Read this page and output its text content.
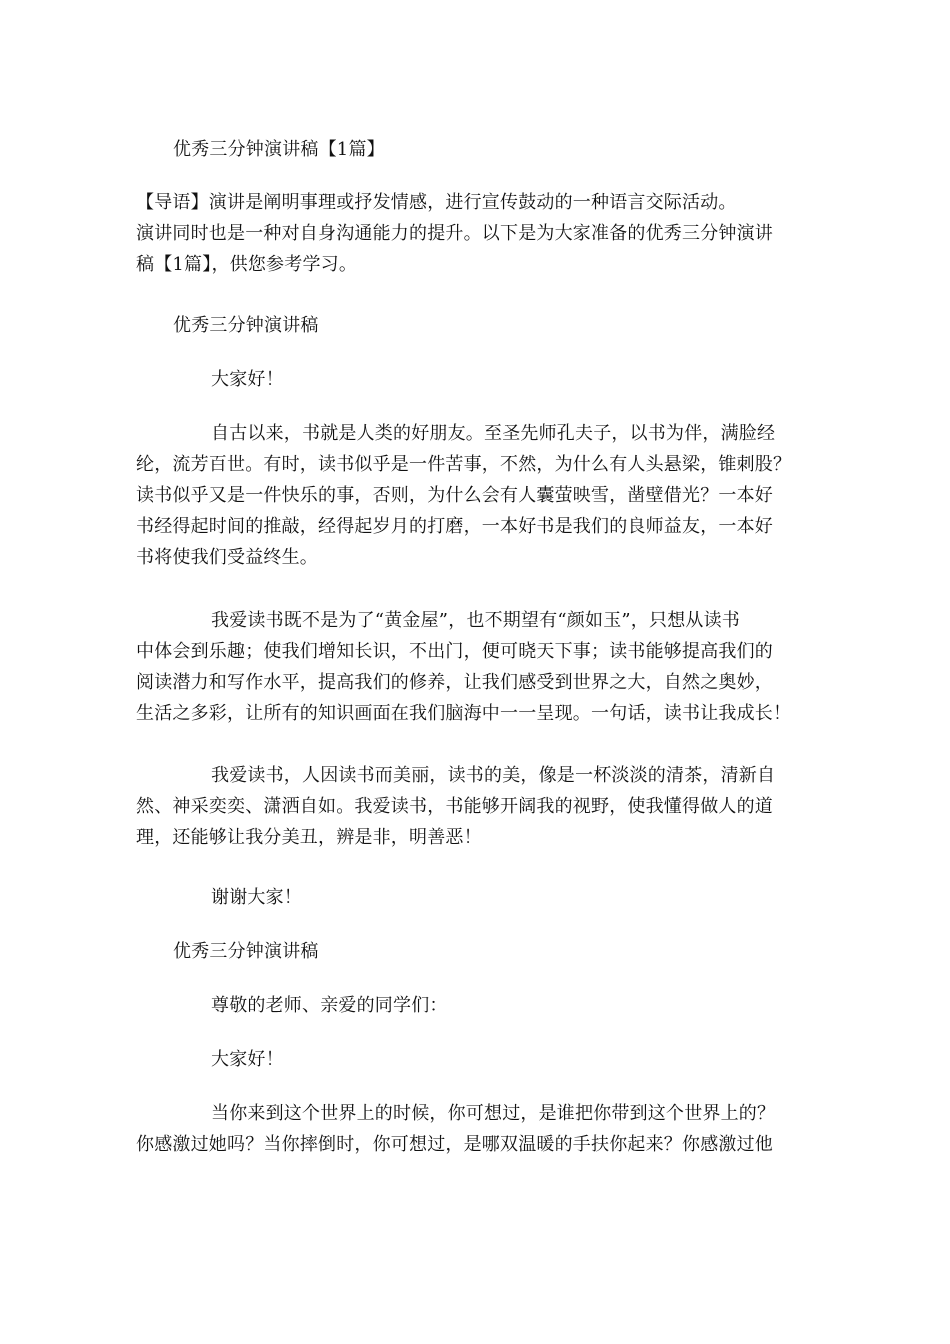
优秀三分钟演讲稿【1篇】

【导语】演讲是阐明事理或抒发情感，进行宣传鼓动的一种语言交际活动。
演讲同时也是一种对自身沟通能力的提升。以下是为大家准备的优秀三分钟演讲
稿【1篇】，供您参考学习。

优秀三分钟演讲稿

大家好！

自古以来，书就是人类的好朋友。至圣先师孔夫子，以书为伴，满脸经
纶，流芳百世。有时，读书似乎是一件苦事，不然，为什么有人头悬梁，锥刺股？
读书似乎又是一件快乐的事，否则，为什么会有人囊萤映雪，凿壁借光？一本好
书经得起时间的推敲，经得起岁月的打磨，一本好书是我们的良师益友，一本好
书将使我们受益终生。
我爱读书既不是为了“黄金屋”，也不期望有“颜如玉”，只想从读书
中体会到乐趣；使我们增知长识，不出门，便可晓天下事；读书能够提高我们的
阅读潜力和写作水平，提高我们的修养，让我们感受到世界之大，自然之奥妙，
生活之多彩，让所有的知识画面在我们脑海中一一呈现。一句话，读书让我成长！
我爱读书，人因读书而美丽，读书的美，像是一杯淡淡的清茶，清新自
然、神采奕奕、潇洒自如。我爱读书，书能够开阔我的视野，使我懂得做人的道
理，还能够让我分美丑，辨是非，明善恶！

谢谢大家！

优秀三分钟演讲稿

尊敬的老师、亲爱的同学们：

大家好！

当你来到这个世界上的时候，你可想过，是谁把你带到这个世界上的？
你感激过她吗？当你摔倒时，你可想过，是哪双温暖的手扶你起来？你感激过他
